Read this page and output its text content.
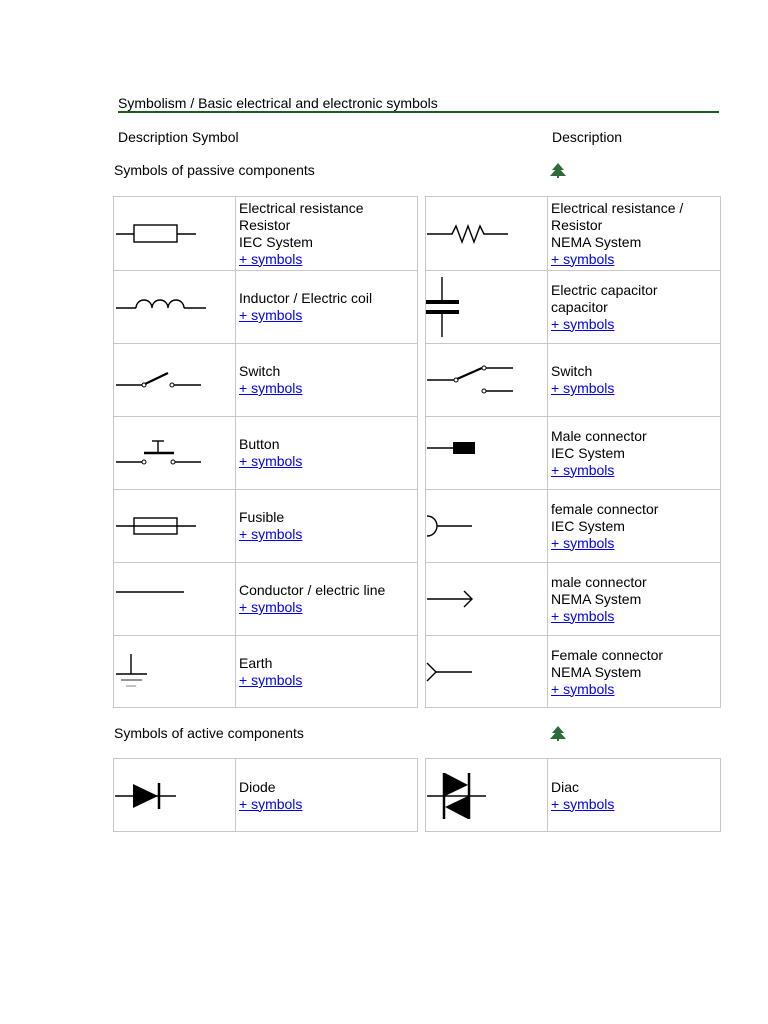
Symbolism / Basic electrical and electronic symbols
Description Symbol	Description
Symbols of passive components
Electrical resistance
Resistor
IEC System
+ symbols
Inductor / Electric coil
+ symbols
Switch
+ symbols
Button
+ symbols
Fusible
+ symbols
Conductor / electric line
+ symbols
Earth
+ symbols
Electrical resistance /
Resistor
NEMA System
+ symbols
Electric capacitor
capacitor
+ symbols
Switch
+ symbols
Male connector
IEC System
+ symbols
female connector
IEC System
+ symbols
male connector
NEMA System
+ symbols
Female connector
NEMA System
+ symbols
Symbols of active components
Diode
+ symbols
Diac
+ symbols
